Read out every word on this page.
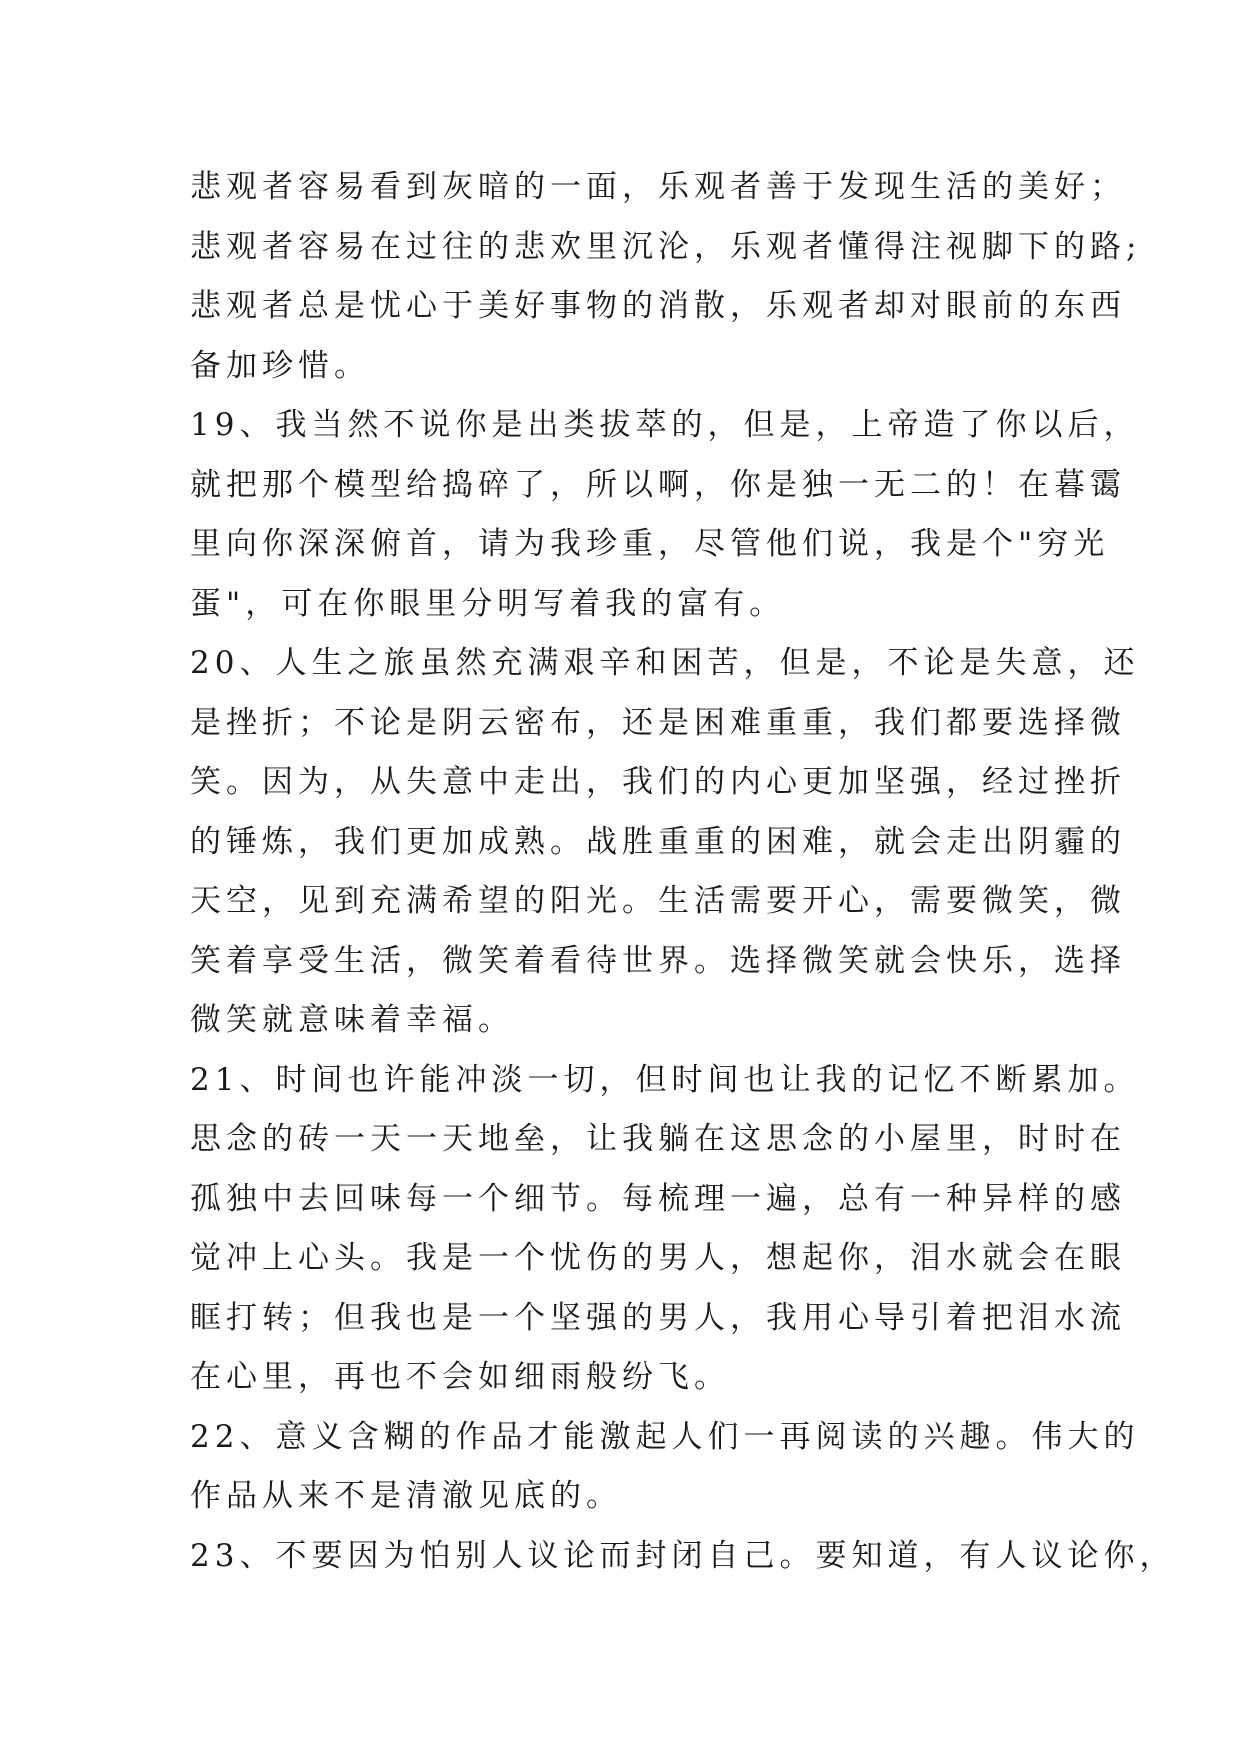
悲观者容易看到灰暗的一面，乐观者善于发现生活的美好；
悲观者容易在过往的悲欢里沉沦，乐观者懂得注视脚下的路;
悲观者总是忧心于美好事物的消散，乐观者却对眼前的东西
备加珍惜。
19、我当然不说你是出类拔萃的，但是，上帝造了你以后，
就把那个模型给捣碎了，所以啊，你是独一无二的！在暮霭
里向你深深俯首，请为我珍重，尽管他们说，我是个"穷光
蛋"，可在你眼里分明写着我的富有。
20、人生之旅虽然充满艰辛和困苦，但是，不论是失意，还
是挫折；不论是阴云密布，还是困难重重，我们都要选择微
笑。因为，从失意中走出，我们的内心更加坚强，经过挫折
的锤炼，我们更加成熟。战胜重重的困难，就会走出阴霾的
天空，见到充满希望的阳光。生活需要开心，需要微笑，微
笑着享受生活，微笑着看待世界。选择微笑就会快乐，选择
微笑就意味着幸福。
21、时间也许能冲淡一切，但时间也让我的记忆不断累加。
思念的砖一天一天地垒，让我躺在这思念的小屋里，时时在
孤独中去回味每一个细节。每梳理一遍，总有一种异样的感
觉冲上心头。我是一个忧伤的男人，想起你，泪水就会在眼
眶打转；但我也是一个坚强的男人，我用心导引着把泪水流
在心里，再也不会如细雨般纷飞。
22、意义含糊的作品才能激起人们一再阅读的兴趣。伟大的
作品从来不是清澈见底的。
23、不要因为怕别人议论而封闭自己。要知道，有人议论你，
